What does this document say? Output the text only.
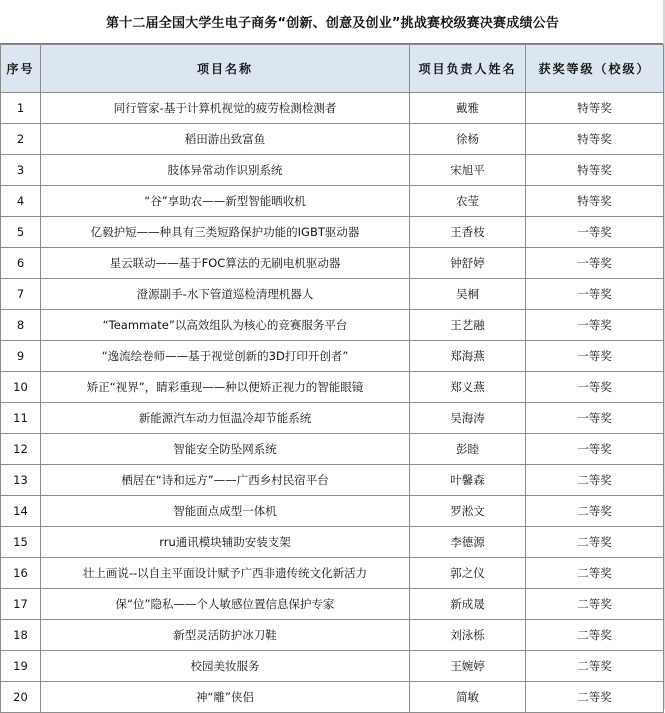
第十二届全国大学生电子商务“创新、创意及创业”挑战赛校级赛决赛成绩公告
序号	项目名称	项目负责人姓名	获奖等级（校级）
1	同行管家-基于计算机视觉的疲劳检测检测者	戴雅	特等奖
2	稻田游出致富鱼	徐杨	特等奖
3	肢体异常动作识别系统	宋旭平	特等奖
4	“谷”享助农——新型智能晒收机	农莹	特等奖
5	亿毅护短——种具有三类短路保护功能的IGBT驱动器	王香枝	一等奖
6	星云联动——基于FOC算法的无刷电机驱动器	钟舒婷	一等奖
7	澄源副手-水下管道巡检清理机器人	吴桐	一等奖
8	“Teammate”以高效组队为核心的竞赛服务平台	王艺融	一等奖
9	“逸流绘卷师——基于视觉创新的3D打印开创者”	郑海燕	一等奖
10	矫正“视界”，睛彩重现——种以便矫正视力的智能眼镜	郑义燕	一等奖
11	新能源汽车动力恒温冷却节能系统	吴海涛	一等奖
12	智能安全防坠网系统	彭睦	一等奖
13	栖居在“诗和远方”——广西乡村民宿平台	叶馨森	二等奖
14	智能面点成型一体机	罗淞文	二等奖
15	rru通讯模块辅助安装支架	李德源	二等奖
16	壮上画说--以自主平面设计赋予广西非遗传统文化新活力	郭之仪	二等奖
17	保“位”隐私——个人敏感位置信息保护专家	新成晟	二等奖
18	新型灵活防护冰刀鞋	刘泳栎	二等奖
19	校园美妆服务	王婉婷	二等奖
20	神“雕”侠侣	简敏	二等奖
